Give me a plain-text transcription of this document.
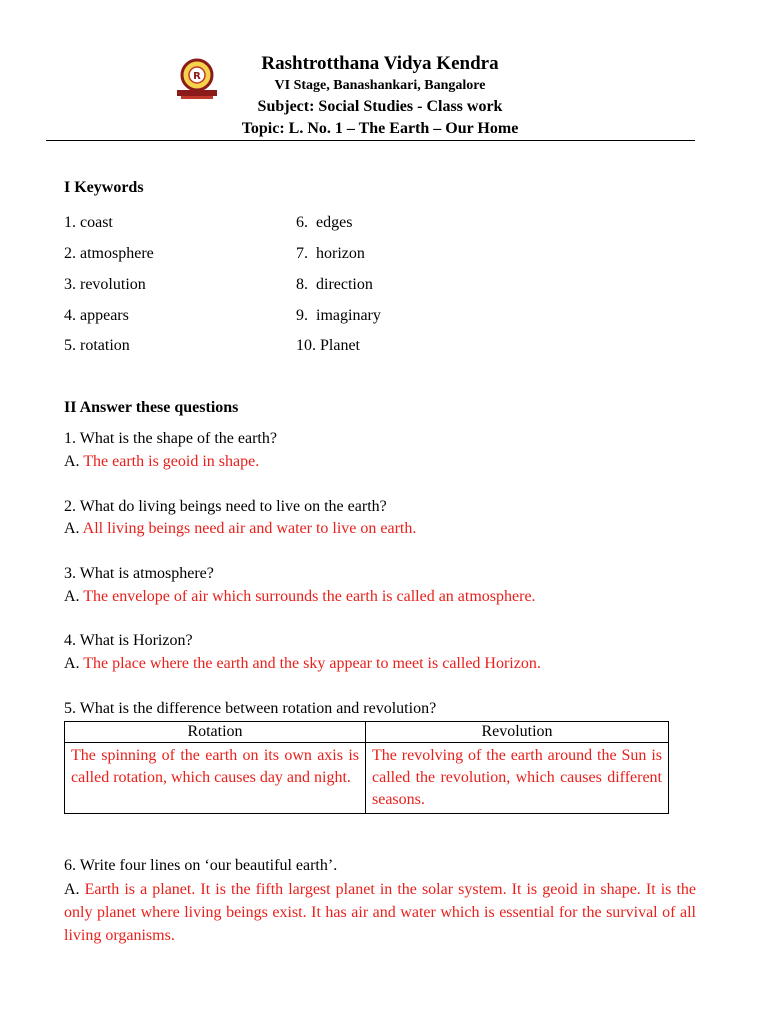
R
Rashtrotthana Vidya Kendra
VI Stage, Banashankari, Bangalore
Subject: Social Studies - Class work
Topic: L. No. 1 – The Earth – Our Home
I Keywords
1. coast
2. atmosphere
3. revolution
4. appears
5. rotation
6.  edges
7.  horizon
8.  direction
9.  imaginary
10. Planet
II Answer these questions
1. What is the shape of the earth?
A. The earth is geoid in shape.
2. What do living beings need to live on the earth?
A. All living beings need air and water to live on earth.
3. What is atmosphere?
A. The envelope of air which surrounds the earth is called an atmosphere.
4. What is Horizon?
A. The place where the earth and the sky appear to meet is called Horizon.
5. What is the difference between rotation and revolution?
Rotation	Revolution
The spinning of the earth on its own axis is called rotation, which causes day and night.	The revolving of the earth around the Sun is called the revolution, which causes different seasons.
6. Write four lines on ‘our beautiful earth’.
A. Earth is a planet. It is the fifth largest planet in the solar system. It is geoid in shape. It is the only planet where living beings exist. It has air and water which is essential for the survival of all living organisms.
